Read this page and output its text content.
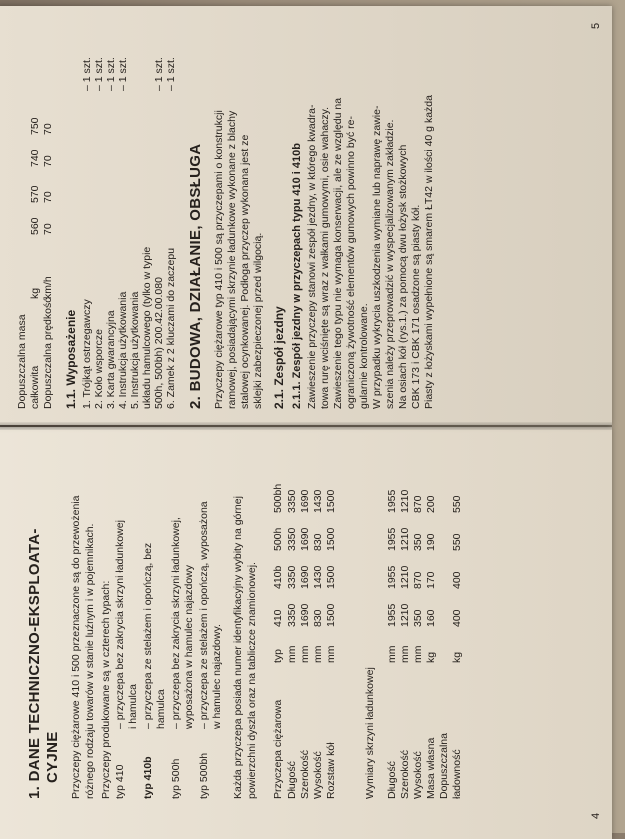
1. DANE TECHNICZNO-EKSPLOATA- CYJNE Przyczepy ciężarowe 410 i 500 przeznaczone są do przewożenia różnego rodzaju towarów w stanie luźnym i w pojemnikach. Przyczepy produkowane są w czterech typach: typ 410
– przyczepa bez zakrycia skrzyni ładunkowej i hamulca
typ 410b
– przyczepa ze stelażem i opończą, bez hamulca
typ 500h
– przyczepa bez zakrycia skrzyni ładunkowej, wyposażona w hamulec najazdowy
typ 500bh
– przyczepa ze stelażem i opończą, wyposażona w hamulec najazdowy. Każda przyczepa posiada numer identyfikacyjny wybity na górnej powierzchni dyszla oraz na tabliczce znamionowej. Przyczepa ciężarowa
typ
410
410b
500h
500bh
Długość
mm
3350
3350
3350
3350
Szerokość
mm
1690
1690
1690
1690
Wysokość
mm
830
1430
830
1430
Rozstaw kół
mm
1500
1500
1500
1500
Wymiary skrzyni ładunkowej Długość
mm
1955
1955
1955
1955
Szerokość
mm
1210
1210
1210
1210
Wysokość
mm
350
870
350
870
Masa własna
kg
160
170
190
200
Dopuszczalna ładowność
kg
400
400
550
550
4
Dopuszczalna masa całkowita
kg
560
570
740
750
Dopuszczalna prędkość
km/h
70
70
70
70
1.1. Wyposażenie 1. Trójkąt ostrzegawczy
– 1 szt.
2. Koło wsporcze
– 1 szt.
3. Karta gwarancyjna
– 1 szt.
4. Instrukcja użytkowania
– 1 szt.
5. Instrukcja użytkowania układu hamulcowego (tylko w typie 500h, 500bh) 200.42.00.080
– 1 szt.
6. Zamek z 2 kluczami do zaczepu
– 1 szt.
2. BUDOWA, DZIAŁANIE, OBSŁUGA Przyczepy ciężarowe typ 410 i 500 są przyczepami o konstrukcji ramowej, posiadającymi skrzynie ładunkowe wykonane z blachy stalowej ocynkowanej. Podłoga przyczep wykonana jest ze sklejki zabezpieczonej przed wilgocią. 2.1. Zespół jezdny 2.1.1. Zespół jezdny w przyczepach typu 410 i 410b Zawieszenie przyczepy stanowi zespół jezdny, w którego kwadra- towa rurę wciśnięte są wraz z wałkami gumowymi, osie wahaczy. Zawieszenie tego typu nie wymaga konserwacji, ale ze względu na ograniczoną żywotność elementów gumowych powinno być re- gularnie kontrolowane. W przypadku wykrycia uszkodzenia wymiane lub naprawę zawie- szenia należy przeprowadzić w wyspecjalizowanym zakładzie. Na osiach kół (rys.1.) za pomocą dwu łożysk stożkowych CBK 173 i CBK 171 osadzone są piasty kół. Piasty z łożyskami wypełnione są smarem ŁT42 w ilości 40 g każda
5
